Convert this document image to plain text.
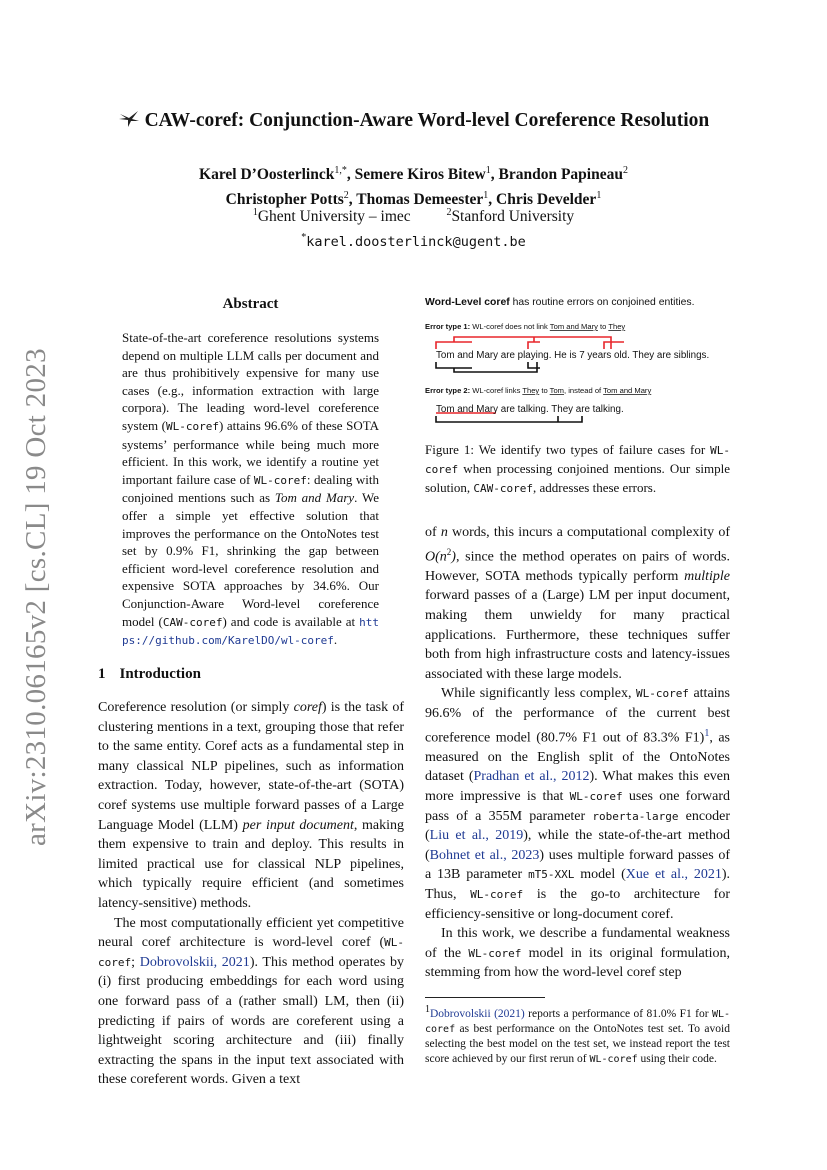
arXiv:2310.06165v2 [cs.CL] 19 Oct 2023
CAW-coref: Conjunction-Aware Word-level Coreference Resolution
Karel D’Oosterlinck$^{1,*}$, Semere Kiros Bitew$^1$, Brandon Papineau$^2$
Christopher Potts$^2$, Thomas Demeester$^1$, Chris Develder$^1$
$^1$Ghent University – imec	$^2$Stanford University
*karel.doosterlinck@ugent.be
Abstract
State-of-the-art coreference resolutions systems depend on multiple LLM calls per document and are thus prohibitively expensive for many use cases (e.g., information extraction with large corpora). The leading word-level coreference system (WL-coref) attains 96.6% of these SOTA systems’ performance while being much more efficient. In this work, we identify a routine yet important failure case of WL-coref: dealing with conjoined mentions such as Tom and Mary. We offer a simple yet effective solution that improves the performance on the OntoNotes test set by 0.9% F1, shrinking the gap between efficient word-level coreference resolution and expensive SOTA approaches by 34.6%. Our Conjunction-Aware Word-level coreference model (CAW-coref) and code is available at https://github.com/KarelDO/wl-coref.
1 Introduction

Coreference resolution (or simply coref) is the task of clustering mentions in a text, grouping those that refer to the same entity. Coref acts as a fundamental step in many classical NLP pipelines, such as information extraction. Today, however, state-of-the-art (SOTA) coref systems use multiple forward passes of a Large Language Model (LLM) per input document, making them expensive to train and deploy. This results in limited practical use for classical NLP pipelines, which typically require efficient (and sometimes latency-sensitive) methods.

The most computationally efficient yet competitive neural coref architecture is word-level coref (WL-coref; Dobrovolskii, 2021). This method operates by (i) first producing embeddings for each word using one forward pass of a (rather small) LM, then (ii) predicting if pairs of words are coreferent using a lightweight scoring architecture and (iii) finally extracting the spans in the input text associated with these coreferent words. Given a text

Word-Level coref has routine errors on conjoined entities.
Error type 1: WL-coref does not link Tom and Mary to They
Tom and Mary are playing. He is 7 years old. They are siblings.
Error type 2: WL-coref links They to Tom, instead of Tom and Mary
Tom and Mary are talking. They are talking.
Figure 1: We identify two types of failure cases for WL-coref when processing conjoined mentions. Our simple solution, CAW-coref, addresses these errors.

of n words, this incurs a computational complexity of $O(n^2)$, since the method operates on pairs of words. However, SOTA methods typically perform multiple forward passes of a (Large) LM per input document, making them unwieldy for many practical applications. Furthermore, these techniques suffer both from high infrastructure costs and latency-issues associated with these large models.

While significantly less complex, WL-coref attains 96.6% of the performance of the current best coreference model (80.7% F1 out of 83.3% F1)$^1$, as measured on the English split of the OntoNotes dataset (Pradhan et al., 2012). What makes this even more impressive is that WL-coref uses one forward pass of a 355M parameter roberta-large encoder (Liu et al., 2019), while the state-of-the-art method (Bohnet et al., 2023) uses multiple forward passes of a 13B parameter mT5-XXL model (Xue et al., 2021). Thus, WL-coref is the go-to architecture for efficiency-sensitive or long-document coref.

In this work, we describe a fundamental weakness of the WL-coref model in its original formulation, stemming from how the word-level coref step

$^1$Dobrovolskii (2021) reports a performance of 81.0% F1 for WL-coref as best performance on the OntoNotes test set. To avoid selecting the best model on the test set, we instead report the test score achieved by our first rerun of WL-coref using their code.
